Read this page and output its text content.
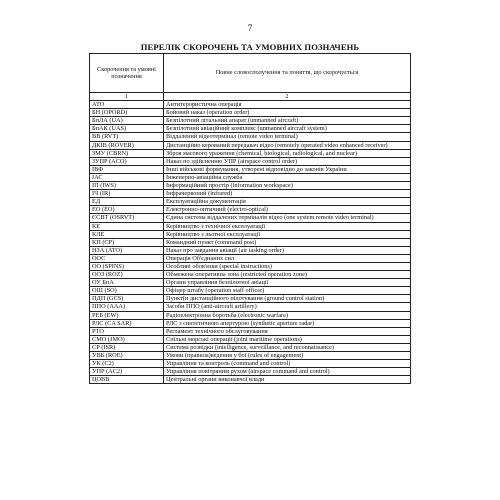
7
ПЕРЕЛІК СКОРОЧЕНЬ ТА УМОВНИХ ПОЗНАЧЕНЬ
Скорочення та умовні позначення	Повне словосполучення та поняття, що скорочується
1	2
АТО	Антитерористична операція
БН (OPORD)	Бойовий наказ (operation order)
БпЛА (UA)	Безпілотний літальний апарат (unmanned aircraft)
БпАК (UAS)	Безпілотний авіаційний комплекс (unmanned aircraft system)
ВВ (RVT)	Віддалений відеотермінал (remote video terminal)
ДКІВ (ROVER)	Дистанційно керований передавач відео (remotely operated video enhanced receiver)
ЗМУ (CBRN)	Зброя масового ураження (chemical, biological, radiological, and nuclear)
ЗУПР (ACO)	Наказ по здійсненню УПР (airspace control order)
ІВФ	Інші військові формування, утворені відповідно до законів України
ІАС	Інженерно-авіаційна служба
ІП (IWS)	Інформаційний простір (information workspace)
ІЧ (IR)	Інфрачервоний (infrared)
ЕД	Експлуатаційна документація
ЕО (EO)	Електронно-оптичний (electro-optical)
ЄСВТ (OSRVT)	Єдина система віддалених терміналів відео (one system remote video terminal)
КЕ	Керівництво з технічної експлуатації
КЛЕ	Керівництво з льотної експлуатації
КП (CP)	Командний пункт (command post)
НЗА (ATO)	Наказ про завдання авіації (air tasking order)
ООС	Операція Об'єднаних сил
ОО (SPINS)	Особливі обов'язки (special instructions)
ООЗ (ROZ)	Обмежена оперативна зона (restricted operation zone)
ОУ БпА	Органи управління безпілотної авіації
ОШ (SO)	Офіцер штабу (operation staff officer)
ПДП (GCS)	Пункт(и дистанційного пілотування (ground control station)
ППО (AAA)	Засоби ППО (anti-aircraft artillery)
РЕБ (EW)	Радіоелектронна боротьба (electronic warfare)
РЛС (CA SAR)	РЛС з синтетичною апертурою (synthetic aperture radar)
РТО	Регламент технічного обслуговування
СМО (JMO)	Спільні морські операції (joint maritime operations)
СР (ISR)	Система розвідки (intelligence, surveillance, and reconnaissance)
УВБ (ROE)	Умови (правила)ведення у бої (rules of engagement)
УК (C2)	Управління та контроль (command and control)
УПР (AC2)	Управління повітряним рухом (airspace command and control)
ЦОВВ	Центральні органи виконавчої влади
